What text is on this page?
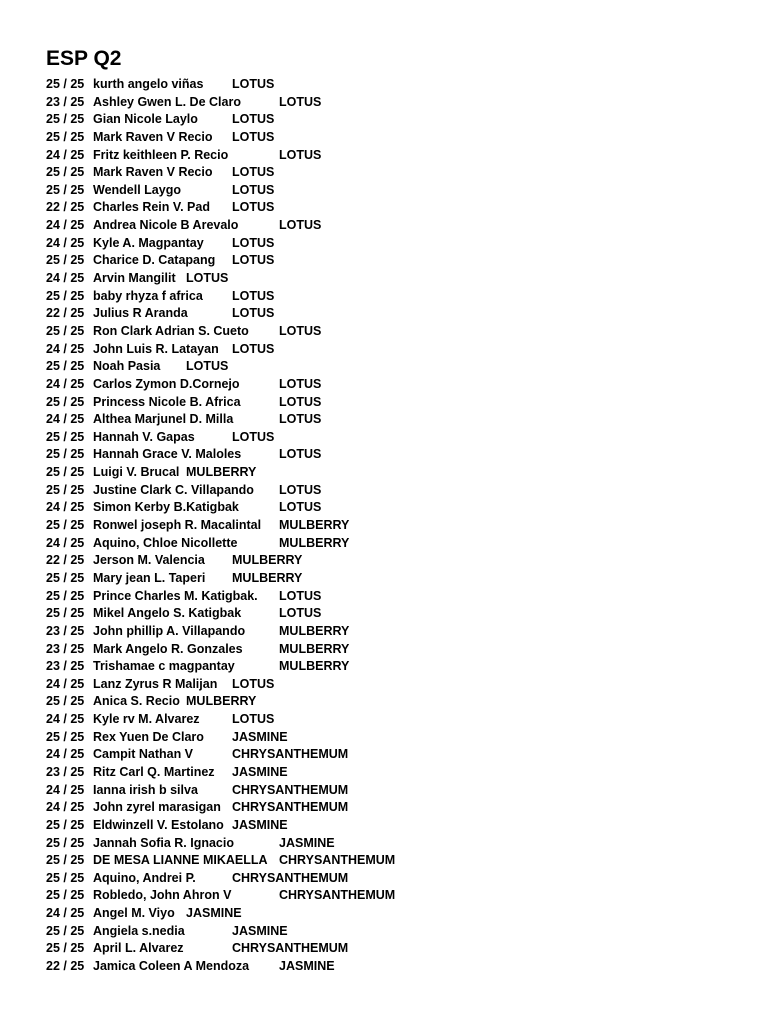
ESP Q2
25 / 25 kurth angelo viñas LOTUS
23 / 25 Ashley Gwen L. De Claro	LOTUS
25 / 25 Gian Nicole Laylo	LOTUS
25 / 25 Mark Raven V Recio LOTUS
24 / 25 Fritz keithleen P. Recio	LOTUS
25 / 25 Mark Raven V Recio LOTUS
25 / 25 Wendell Laygo	LOTUS
22 / 25 Charles Rein V. Pad LOTUS
24 / 25 Andrea Nicole B Arevalo	LOTUS
24 / 25 Kyle A. Magpantay LOTUS
25 / 25 Charice D. Catapang LOTUS
24 / 25 Arvin Mangilit LOTUS
25 / 25 baby rhyza f africa LOTUS
22 / 25 Julius R Aranda	LOTUS
25 / 25 Ron Clark Adrian S. Cueto LOTUS
24 / 25 John Luis R. Latayan LOTUS
25 / 25 Noah Pasia LOTUS
24 / 25 Carlos Zymon D.Cornejo	LOTUS
25 / 25 Princess Nicole B. Africa	LOTUS
24 / 25 Althea Marjunel D. Milla	LOTUS
25 / 25 Hannah V. Gapas	LOTUS
25 / 25 Hannah Grace V. Maloles	LOTUS
25 / 25 Luigi V. Brucal MULBERRY
25 / 25 Justine Clark C. Villapando LOTUS
24 / 25 Simon Kerby B.Katigbak	LOTUS
25 / 25 Ronwel joseph R. Macalintal MULBERRY
24 / 25 Aquino, Chloe Nicollette	MULBERRY
22 / 25 Jerson M. Valencia MULBERRY
25 / 25 Mary jean L. Taperi MULBERRY
25 / 25 Prince Charles M. Katigbak. LOTUS
25 / 25 Mikel Angelo S. Katigbak	LOTUS
23 / 25 John phillip A. Villapando	MULBERRY
23 / 25 Mark Angelo R. Gonzales	MULBERRY
23 / 25 Trishamae c magpantay	MULBERRY
24 / 25 Lanz Zyrus R Malijan LOTUS
25 / 25 Anica S. Recio MULBERRY
24 / 25 Kyle rv M. Alvarez	LOTUS
25 / 25 Rex Yuen De Claro JASMINE
24 / 25 Campit Nathan V	CHRYSANTHEMUM
23 / 25 Ritz Carl Q. Martinez JASMINE
24 / 25 Ianna irish b silva	CHRYSANTHEMUM
24 / 25 John zyrel marasigan CHRYSANTHEMUM
25 / 25 Eldwinzell V. Estolano JASMINE
25 / 25 Jannah Sofia R. Ignacio	JASMINE
25 / 25 DE MESA LIANNE MIKAELLA CHRYSANTHEMUM
25 / 25 Aquino, Andrei P.	CHRYSANTHEMUM
25 / 25 Robledo, John Ahron V	CHRYSANTHEMUM
24 / 25 Angel M. Viyo JASMINE
25 / 25 Angiela s.nedia	JASMINE
25 / 25 April L. Alvarez	CHRYSANTHEMUM
22 / 25 Jamica Coleen A Mendoza JASMINE
